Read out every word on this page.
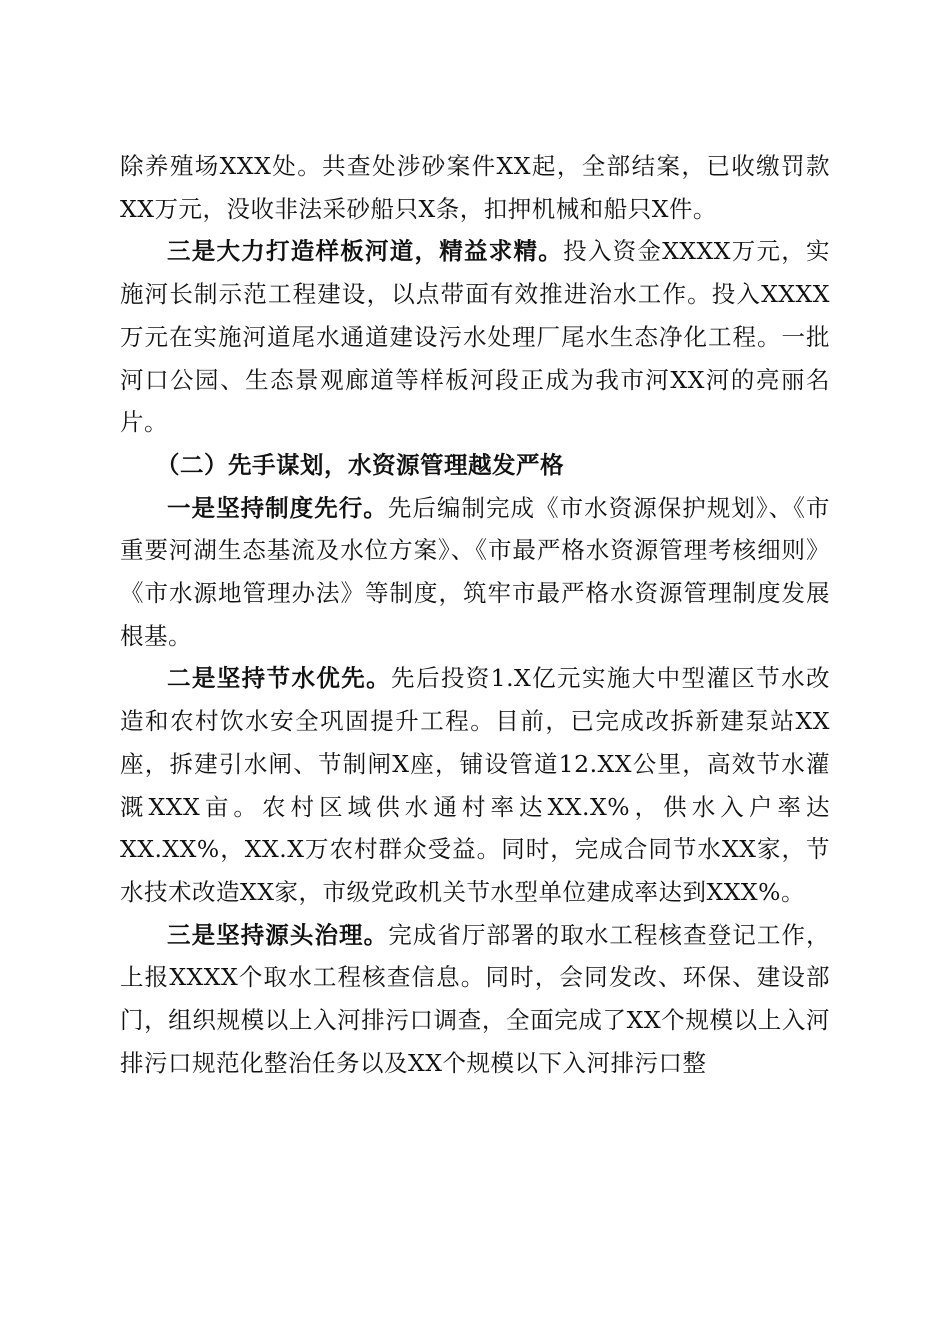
除养殖场XXX处。共查处涉砂案件XX起，全部结案，已收缴罚款XX万元，没收非法采砂船只X条，扣押机械和船只X件。

三是大力打造样板河道，精益求精。投入资金XXXX万元，实施河长制示范工程建设，以点带面有效推进治水工作。投入XXXX万元在实施河道尾水通道建设污水处理厂尾水生态净化工程。一批河口公园、生态景观廊道等样板河段正成为我市河XX河的亮丽名片。

（二）先手谋划，水资源管理越发严格

一是坚持制度先行。先后编制完成《市水资源保护规划》、《市重要河湖生态基流及水位方案》、《市最严格水资源管理考核细则》《市水源地管理办法》等制度，筑牢市最严格水资源管理制度发展根基。

二是坚持节水优先。先后投资1.X亿元实施大中型灌区节水改造和农村饮水安全巩固提升工程。目前，已完成改拆新建泵站XX座，拆建引水闸、节制闸X座，铺设管道12.XX公里，高效节水灌溉XXX亩。农村区域供水通村率达XX.X%，供水入户率达XX.XX%，XX.X万农村群众受益。同时，完成合同节水XX家，节水技术改造XX家，市级党政机关节水型单位建成率达到XXX%。

三是坚持源头治理。完成省厅部署的取水工程核查登记工作，上报XXXX个取水工程核查信息。同时，会同发改、环保、建设部门，组织规模以上入河排污口调查，全面完成了XX个规模以上入河排污口规范化整治任务以及XX个规模以下入河排污口整
